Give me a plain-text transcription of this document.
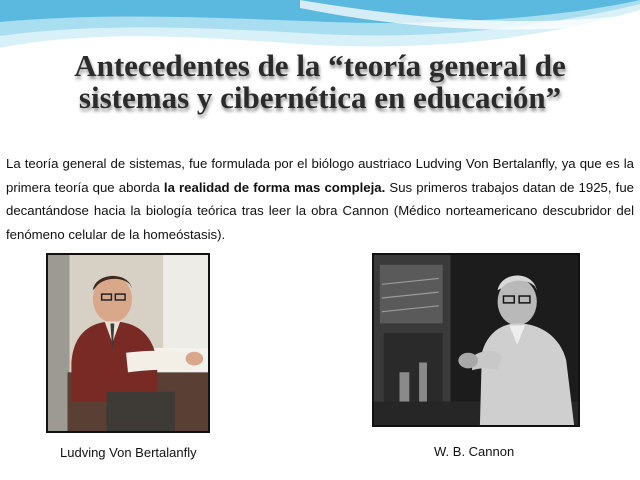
Antecedentes de la “teoría general de
sistemas y cibernética en educación”

La teoría general de sistemas, fue formulada por el biólogo austriaco Ludving Von Bertalanfly, ya que es la primera teoría que aborda la realidad de forma mas compleja. Sus primeros trabajos datan de 1925, fue decantándose hacia la biología teórica tras leer la obra Cannon (Médico norteamericano descubridor del fenómeno celular de la homeóstasis).

Ludving Von Bertalanfly	W. B. Cannon
